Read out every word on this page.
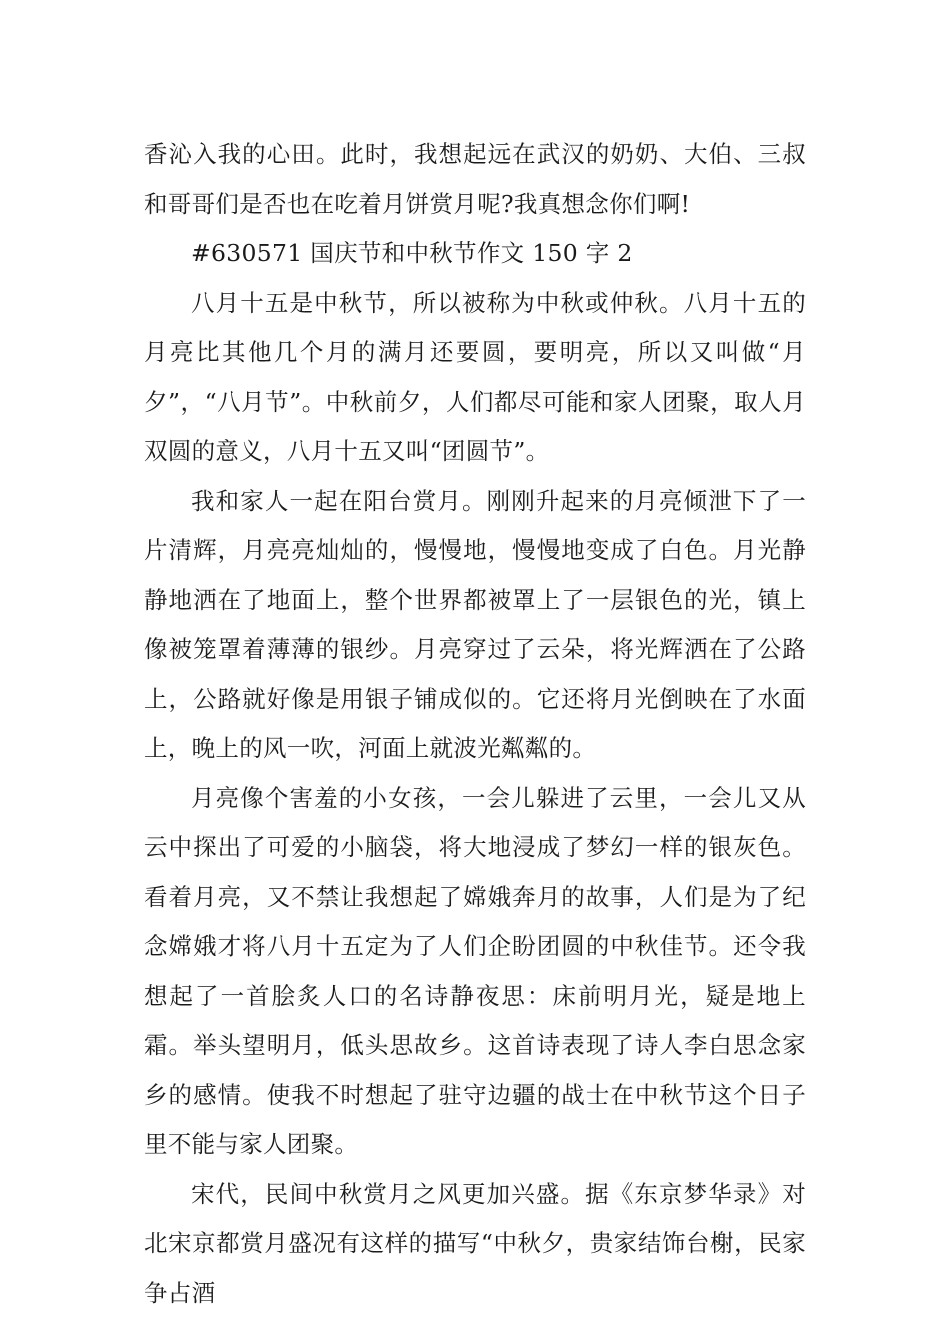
香沁入我的心田。此时，我想起远在武汉的奶奶、大伯、三叔和哥哥们是否也在吃着月饼赏月呢?我真想念你们啊!

#630571 国庆节和中秋节作文 150 字 2

八月十五是中秋节，所以被称为中秋或仲秋。八月十五的月亮比其他几个月的满月还要圆，要明亮，所以又叫做“月夕”，“八月节”。中秋前夕，人们都尽可能和家人团聚，取人月双圆的意义，八月十五又叫“团圆节”。

我和家人一起在阳台赏月。刚刚升起来的月亮倾泄下了一片清辉，月亮亮灿灿的，慢慢地，慢慢地变成了白色。月光静静地洒在了地面上，整个世界都被罩上了一层银色的光，镇上像被笼罩着薄薄的银纱。月亮穿过了云朵，将光辉洒在了公路上，公路就好像是用银子铺成似的。它还将月光倒映在了水面上，晚上的风一吹，河面上就波光粼粼的。

月亮像个害羞的小女孩，一会儿躲进了云里，一会儿又从云中探出了可爱的小脑袋，将大地浸成了梦幻一样的银灰色。看着月亮，又不禁让我想起了嫦娥奔月的故事，人们是为了纪念嫦娥才将八月十五定为了人们企盼团圆的中秋佳节。还令我想起了一首脍炙人口的名诗静夜思：床前明月光，疑是地上霜。举头望明月，低头思故乡。这首诗表现了诗人李白思念家乡的感情。使我不时想起了驻守边疆的战士在中秋节这个日子里不能与家人团聚。

宋代，民间中秋赏月之风更加兴盛。据《东京梦华录》对北宋京都赏月盛况有这样的描写“中秋夕，贵家结饰台榭，民家争占酒
